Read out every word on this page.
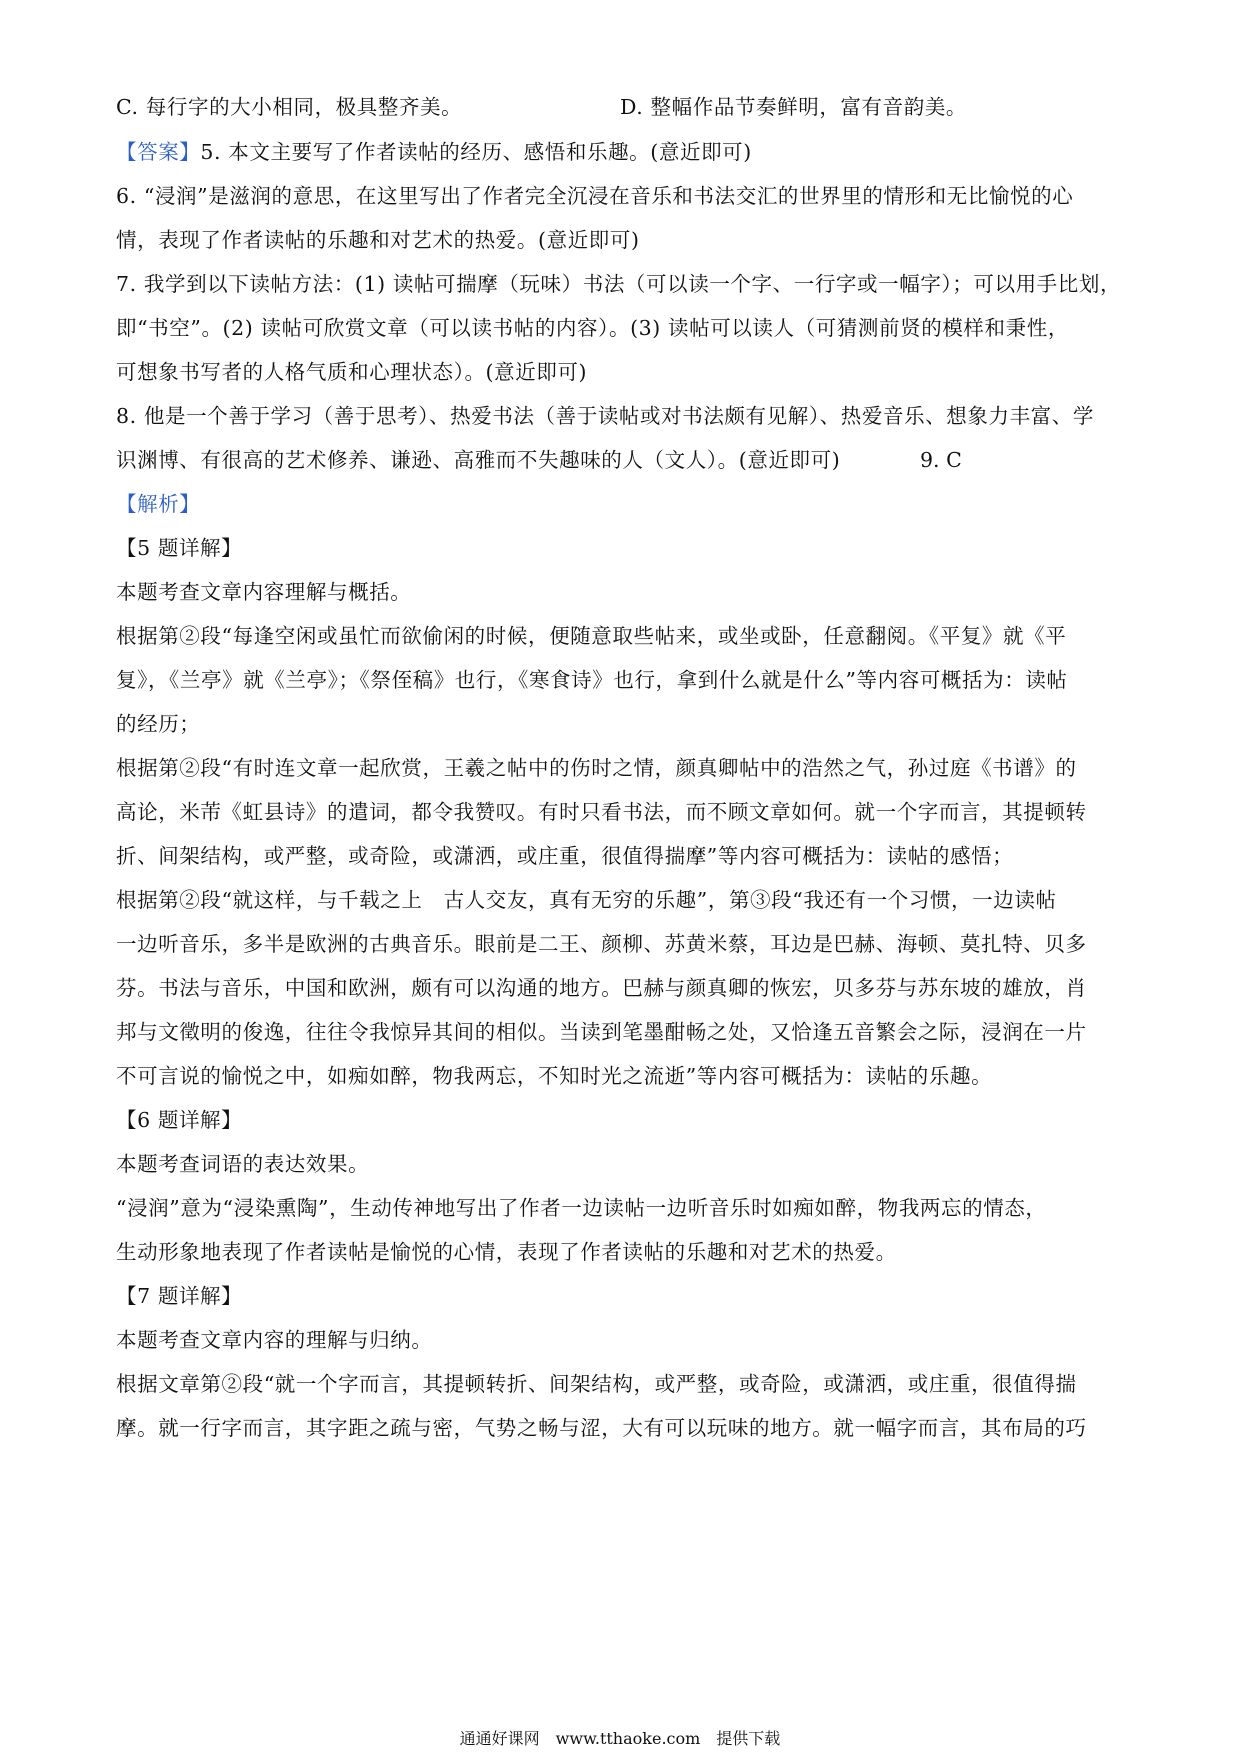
C. 每行字的大小相同，极具整齐美。	D. 整幅作品节奏鲜明，富有音韵美。
【答案】5. 本文主要写了作者读帖的经历、感悟和乐趣。(意近即可)
6. “浸润”是滋润的意思，在这里写出了作者完全沉浸在音乐和书法交汇的世界里的情形和无比愉悦的心
情，表现了作者读帖的乐趣和对艺术的热爱。(意近即可)
7. 我学到以下读帖方法：(1) 读帖可揣摩（玩味）书法（可以读一个字、一行字或一幅字）；可以用手比划，
即“书空”。(2) 读帖可欣赏文章（可以读书帖的内容）。(3) 读帖可以读人（可猜测前贤的模样和秉性，
可想象书写者的人格气质和心理状态）。(意近即可)
8. 他是一个善于学习（善于思考）、热爱书法（善于读帖或对书法颇有见解）、热爱音乐、想象力丰富、学
识渊博、有很高的艺术修养、谦逊、高雅而不失趣味的人（文人）。(意近即可)	9. C
【解析】
【5 题详解】
本题考查文章内容理解与概括。
根据第②段“每逢空闲或虽忙而欲偷闲的时候，便随意取些帖来，或坐或卧，任意翻阅。《平复》就《平
复》，《兰亭》就《兰亭》；《祭侄稿》也行，《寒食诗》也行，拿到什么就是什么”等内容可概括为：读帖
的经历；
根据第②段“有时连文章一起欣赏，王羲之帖中的伤时之情，颜真卿帖中的浩然之气，孙过庭《书谱》的
高论，米芾《虹县诗》的遣词，都令我赞叹。有时只看书法，而不顾文章如何。就一个字而言，其提顿转
折、间架结构，或严整，或奇险，或潇洒，或庄重，很值得揣摩”等内容可概括为：读帖的感悟；
根据第②段“就这样，与千载之上　古人交友，真有无穷的乐趣”，第③段“我还有一个习惯，一边读帖
一边听音乐，多半是欧洲的古典音乐。眼前是二王、颜柳、苏黄米蔡，耳边是巴赫、海顿、莫扎特、贝多
芬。书法与音乐，中国和欧洲，颇有可以沟通的地方。巴赫与颜真卿的恢宏，贝多芬与苏东坡的雄放，肖
邦与文徵明的俊逸，往往令我惊异其间的相似。当读到笔墨酣畅之处，又恰逢五音繁会之际，浸润在一片
不可言说的愉悦之中，如痴如醉，物我两忘，不知时光之流逝”等内容可概括为：读帖的乐趣。
【6 题详解】
本题考查词语的表达效果。
“浸润”意为“浸染熏陶”，生动传神地写出了作者一边读帖一边听音乐时如痴如醉，物我两忘的情态，
生动形象地表现了作者读帖是愉悦的心情，表现了作者读帖的乐趣和对艺术的热爱。
【7 题详解】
本题考查文章内容的理解与归纳。
根据文章第②段“就一个字而言，其提顿转折、间架结构，或严整，或奇险，或潇洒，或庄重，很值得揣
摩。就一行字而言，其字距之疏与密，气势之畅与涩，大有可以玩味的地方。就一幅字而言，其布局的巧
通通好课网　www.tthaoke.com　提供下载
